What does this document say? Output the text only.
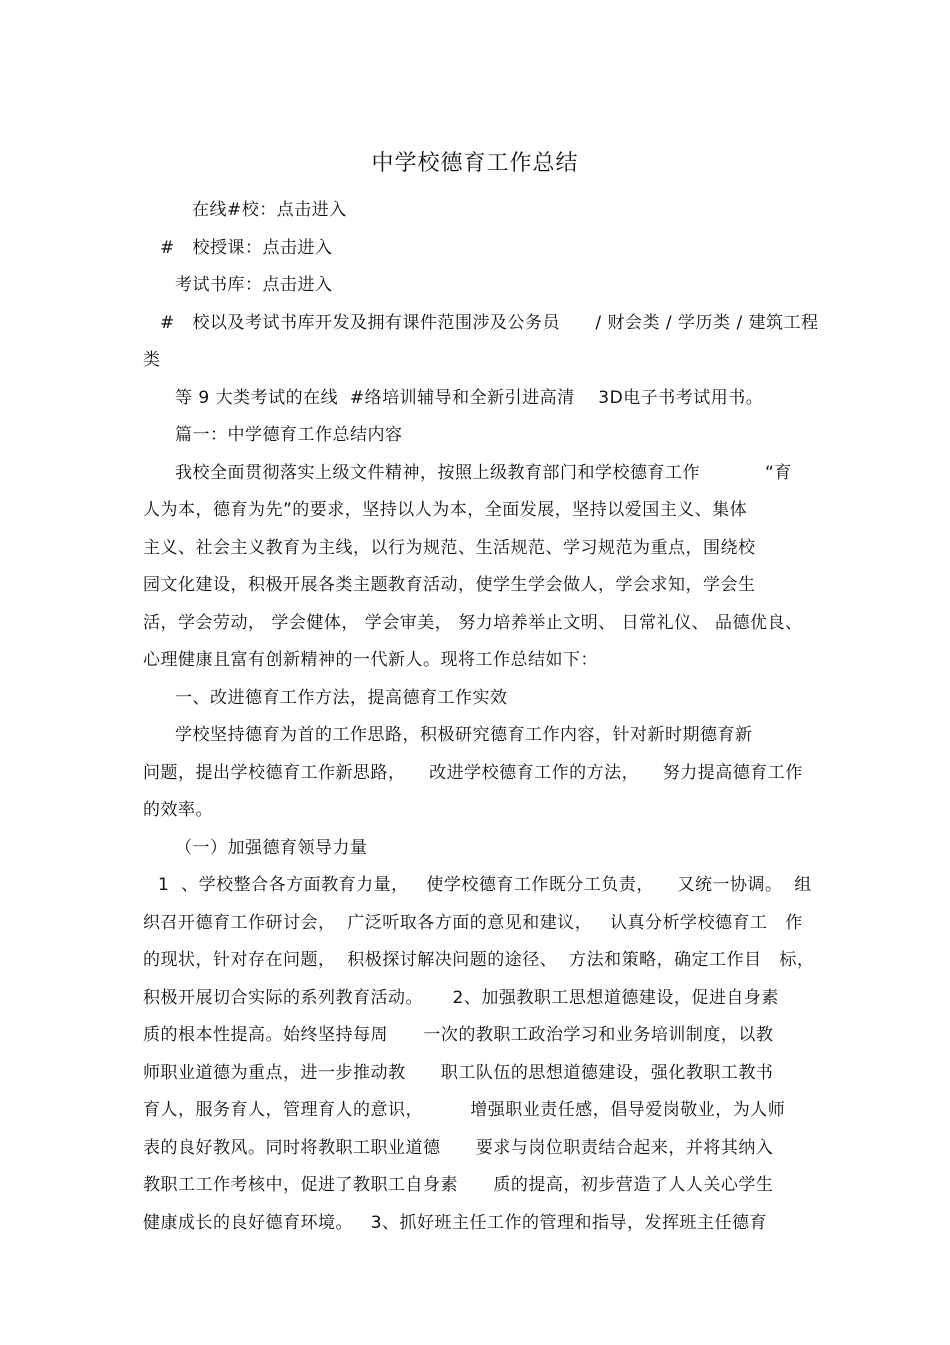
中学校德育工作总结
在线#校：点击进入
#   校授课：点击进入
考试书库：点击进入
#   校以及考试书库开发及拥有课件范围涉及公务员      / 财会类 / 学历类 / 建筑工程
类
等 9 大类考试的在线  #络培训辅导和全新引进高清    3D电子书考试用书。
篇一：中学德育工作总结内容
我校全面贯彻落实上级文件精神，按照上级教育部门和学校德育工作           “育
人为本，德育为先”的要求，坚持以人为本，全面发展，坚持以爱国主义、集体
主义、社会主义教育为主线，以行为规范、生活规范、学习规范为重点，围绕校
园文化建设，积极开展各类主题教育活动，使学生学会做人，学会求知，学会生
活，学会劳动， 学会健体， 学会审美， 努力培养举止文明、 日常礼仪、 品德优良、
心理健康且富有创新精神的一代新人。现将工作总结如下：
一、改进德育工作方法，提高德育工作实效
学校坚持德育为首的工作思路，积极研究德育工作内容，针对新时期德育新
问题，提出学校德育工作新思路，    改进学校德育工作的方法，    努力提高德育工作
的效率。
（一）加强德育领导力量
1  、学校整合各方面教育力量，   使学校德育工作既分工负责，    又统一协调。  组
织召开德育工作研讨会，  广泛听取各方面的意见和建议，   认真分析学校德育工   作
的现状，针对存在问题，  积极探讨解决问题的途径、  方法和策略，确定工作目   标，
积极开展切合实际的系列教育活动。     2、加强教职工思想道德建设，促进自身素
质的根本性提高。始终坚持每周      一次的教职工政治学习和业务培训制度，以教
师职业道德为重点，进一步推动教      职工队伍的思想道德建设，强化教职工教书
育人，服务育人，管理育人的意识，        增强职业责任感，倡导爱岗敬业，为人师
表的良好教风。同时将教职工职业道德      要求与岗位职责结合起来，并将其纳入
教职工工作考核中，促进了教职工自身素      质的提高，初步营造了人人关心学生
健康成长的良好德育环境。   3、抓好班主任工作的管理和指导，发挥班主任德育
